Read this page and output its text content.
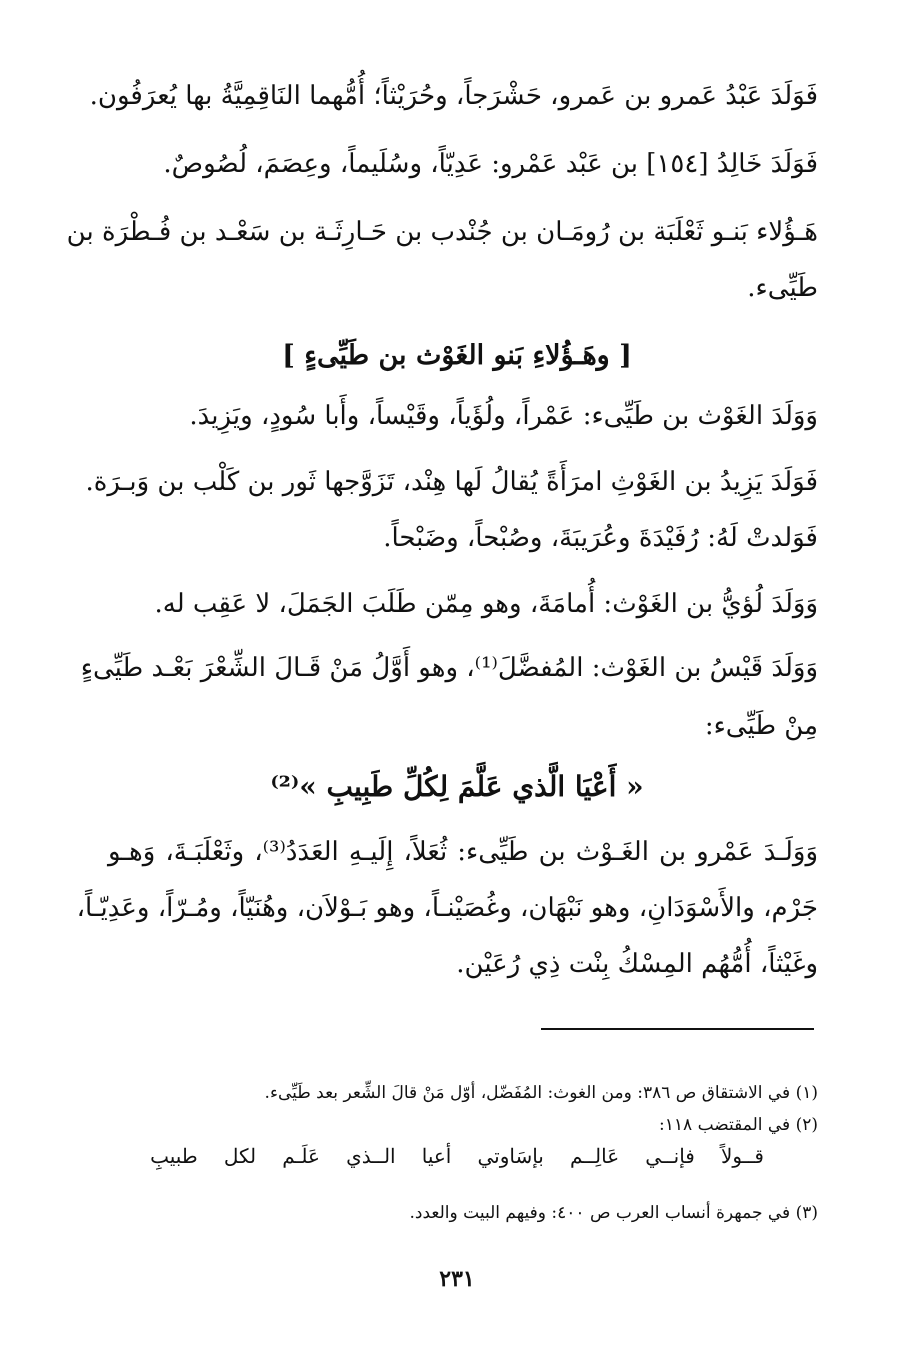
فَوَلَدَ عَبْدُ عَمرو بن عَمرو، حَشْرَجاً، وحُرَيْثاً؛ أُمُّهما النَاقِمِيَّةُ بها يُعرَفُون.
فَوَلَدَ خَالِدُ [١٥٤] بن عَبْد عَمْرو: عَدِيّاً، وسُلَيماً، وعِصَمَ، لُصُوصٌ.
هَـؤُلاء بَنـو ثَعْلَبَة بن رُومَـان بن جُنْدب بن حَـارِثَـة بن سَعْـد بن فُـطْرَة بن
طَيِّىء.
[ وهَـؤُلاءِ بَنو الغَوْث بن طَيِّىءٍ ]
وَوَلَدَ الغَوْث بن طَيِّىء: عَمْراً، ولُؤَياً، وقَيْساً، وأَبا سُودٍ، ويَزِيدَ.
فَوَلَدَ يَزِيدُ بن الغَوْثِ امرَأَةً يُقالُ لَها هِنْد، تَزَوَّجها ثَور بن كَلْب بن وَبـرَة.
فَوَلدتْ لَهُ: رُفَيْدَةَ وعُرَيبَةَ، وصُبْحاً، وضَبْحاً.
وَوَلَدَ لُؤيُّ بن الغَوْث: أُمامَةَ، وهو مِمّن طَلَبَ الجَمَلَ، لا عَقِب له.
وَوَلَدَ قَيْسُ بن الغَوْث: المُفضَّلَ⁽¹⁾، وهو أَوَّلُ مَنْ قَـالَ الشِّعْرَ بَعْـد طَيِّىءٍ
مِنْ طَيِّىء:
« أَعْيَا الَّذي عَلَّمَ لِكُلِّ طَبِيبِ »⁽²⁾
وَوَلَـدَ عَمْرو بن الغَـوْث بن طَيِّىء: ثُعَلاً، إِلَيـهِ العَدَدُ⁽³⁾، وثَعْلَبَـةَ، وَهـو
جَرْم، والأَسْوَدَانِ، وهو نَبْهَان، وغُصَيْنـاً، وهو بَـوْلاَن، وهُنَيّاً، ومُـرّاً، وعَدِيّـاً،
وغَيْثاً، أُمُّهُم المِسْكُ بِنْت ذِي رُعَيْن.
(١) في الاشتقاق ص ٣٨٦: ومن الغوث: المُفَضّل، أوّل مَنْ قالَ الشِّعر بعد طَيِّىء.
(٢) في المقتضب ١١٨:
قــولاً
فإنــي
عَالِــم
بإسَاوتي
أعيا
الــذي
عَلَـم
لكل
طبيبِ
(٣) في جمهرة أنساب العرب ص ٤٠٠: وفيهم البيت والعدد.
٢٣١
